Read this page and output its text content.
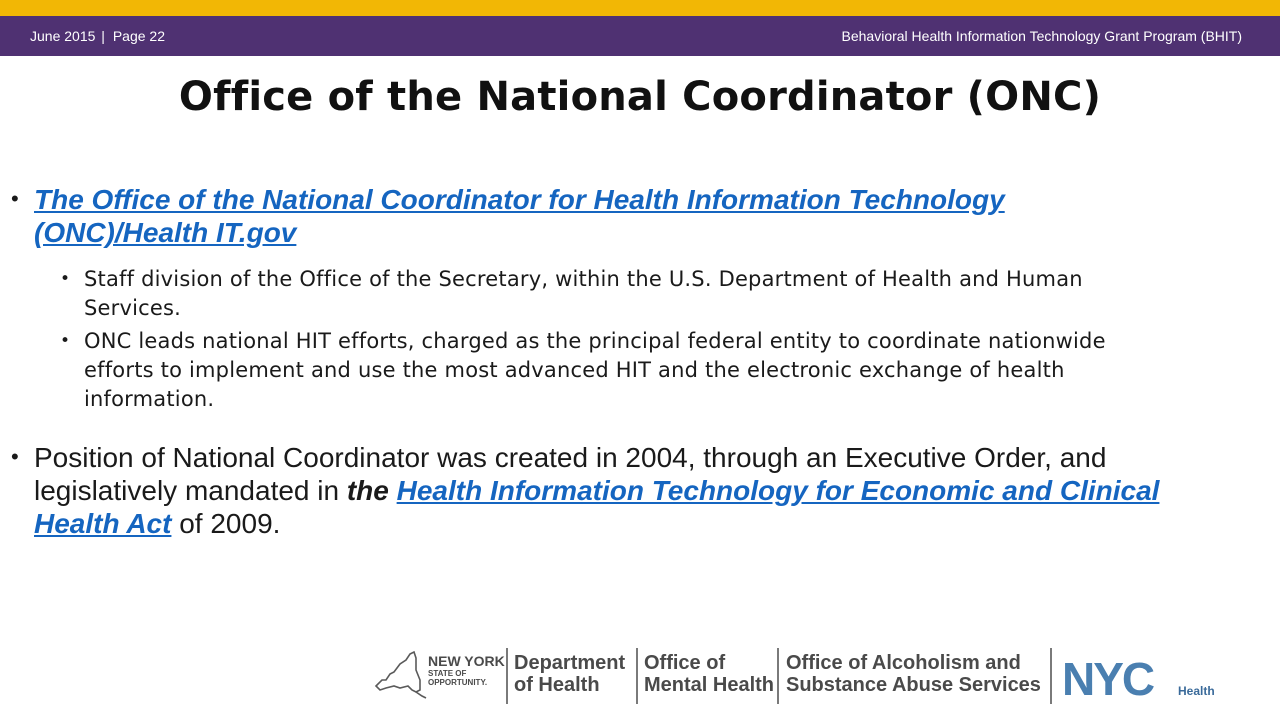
June 2015 | Page 22	Behavioral Health Information Technology Grant Program (BHIT)
Office of the National Coordinator (ONC)
• The Office of the National Coordinator for Health Information Technology
(ONC)/Health IT.gov
• Staff division of the Office of the Secretary, within the U.S. Department of Health and Human
Services.
• ONC leads national HIT efforts, charged as the principal federal entity to coordinate nationwide
efforts to implement and use the most advanced HIT and the electronic exchange of health
information.
• Position of National Coordinator was created in 2004, through an Executive Order, and
legislatively mandated in the Health Information Technology for Economic and Clinical
Health Act of 2009.
NEW YORK
STATE OF
OPPORTUNITY.
Department
of Health
Office of
Mental Health
Office of Alcoholism and
Substance Abuse Services NYC Health
